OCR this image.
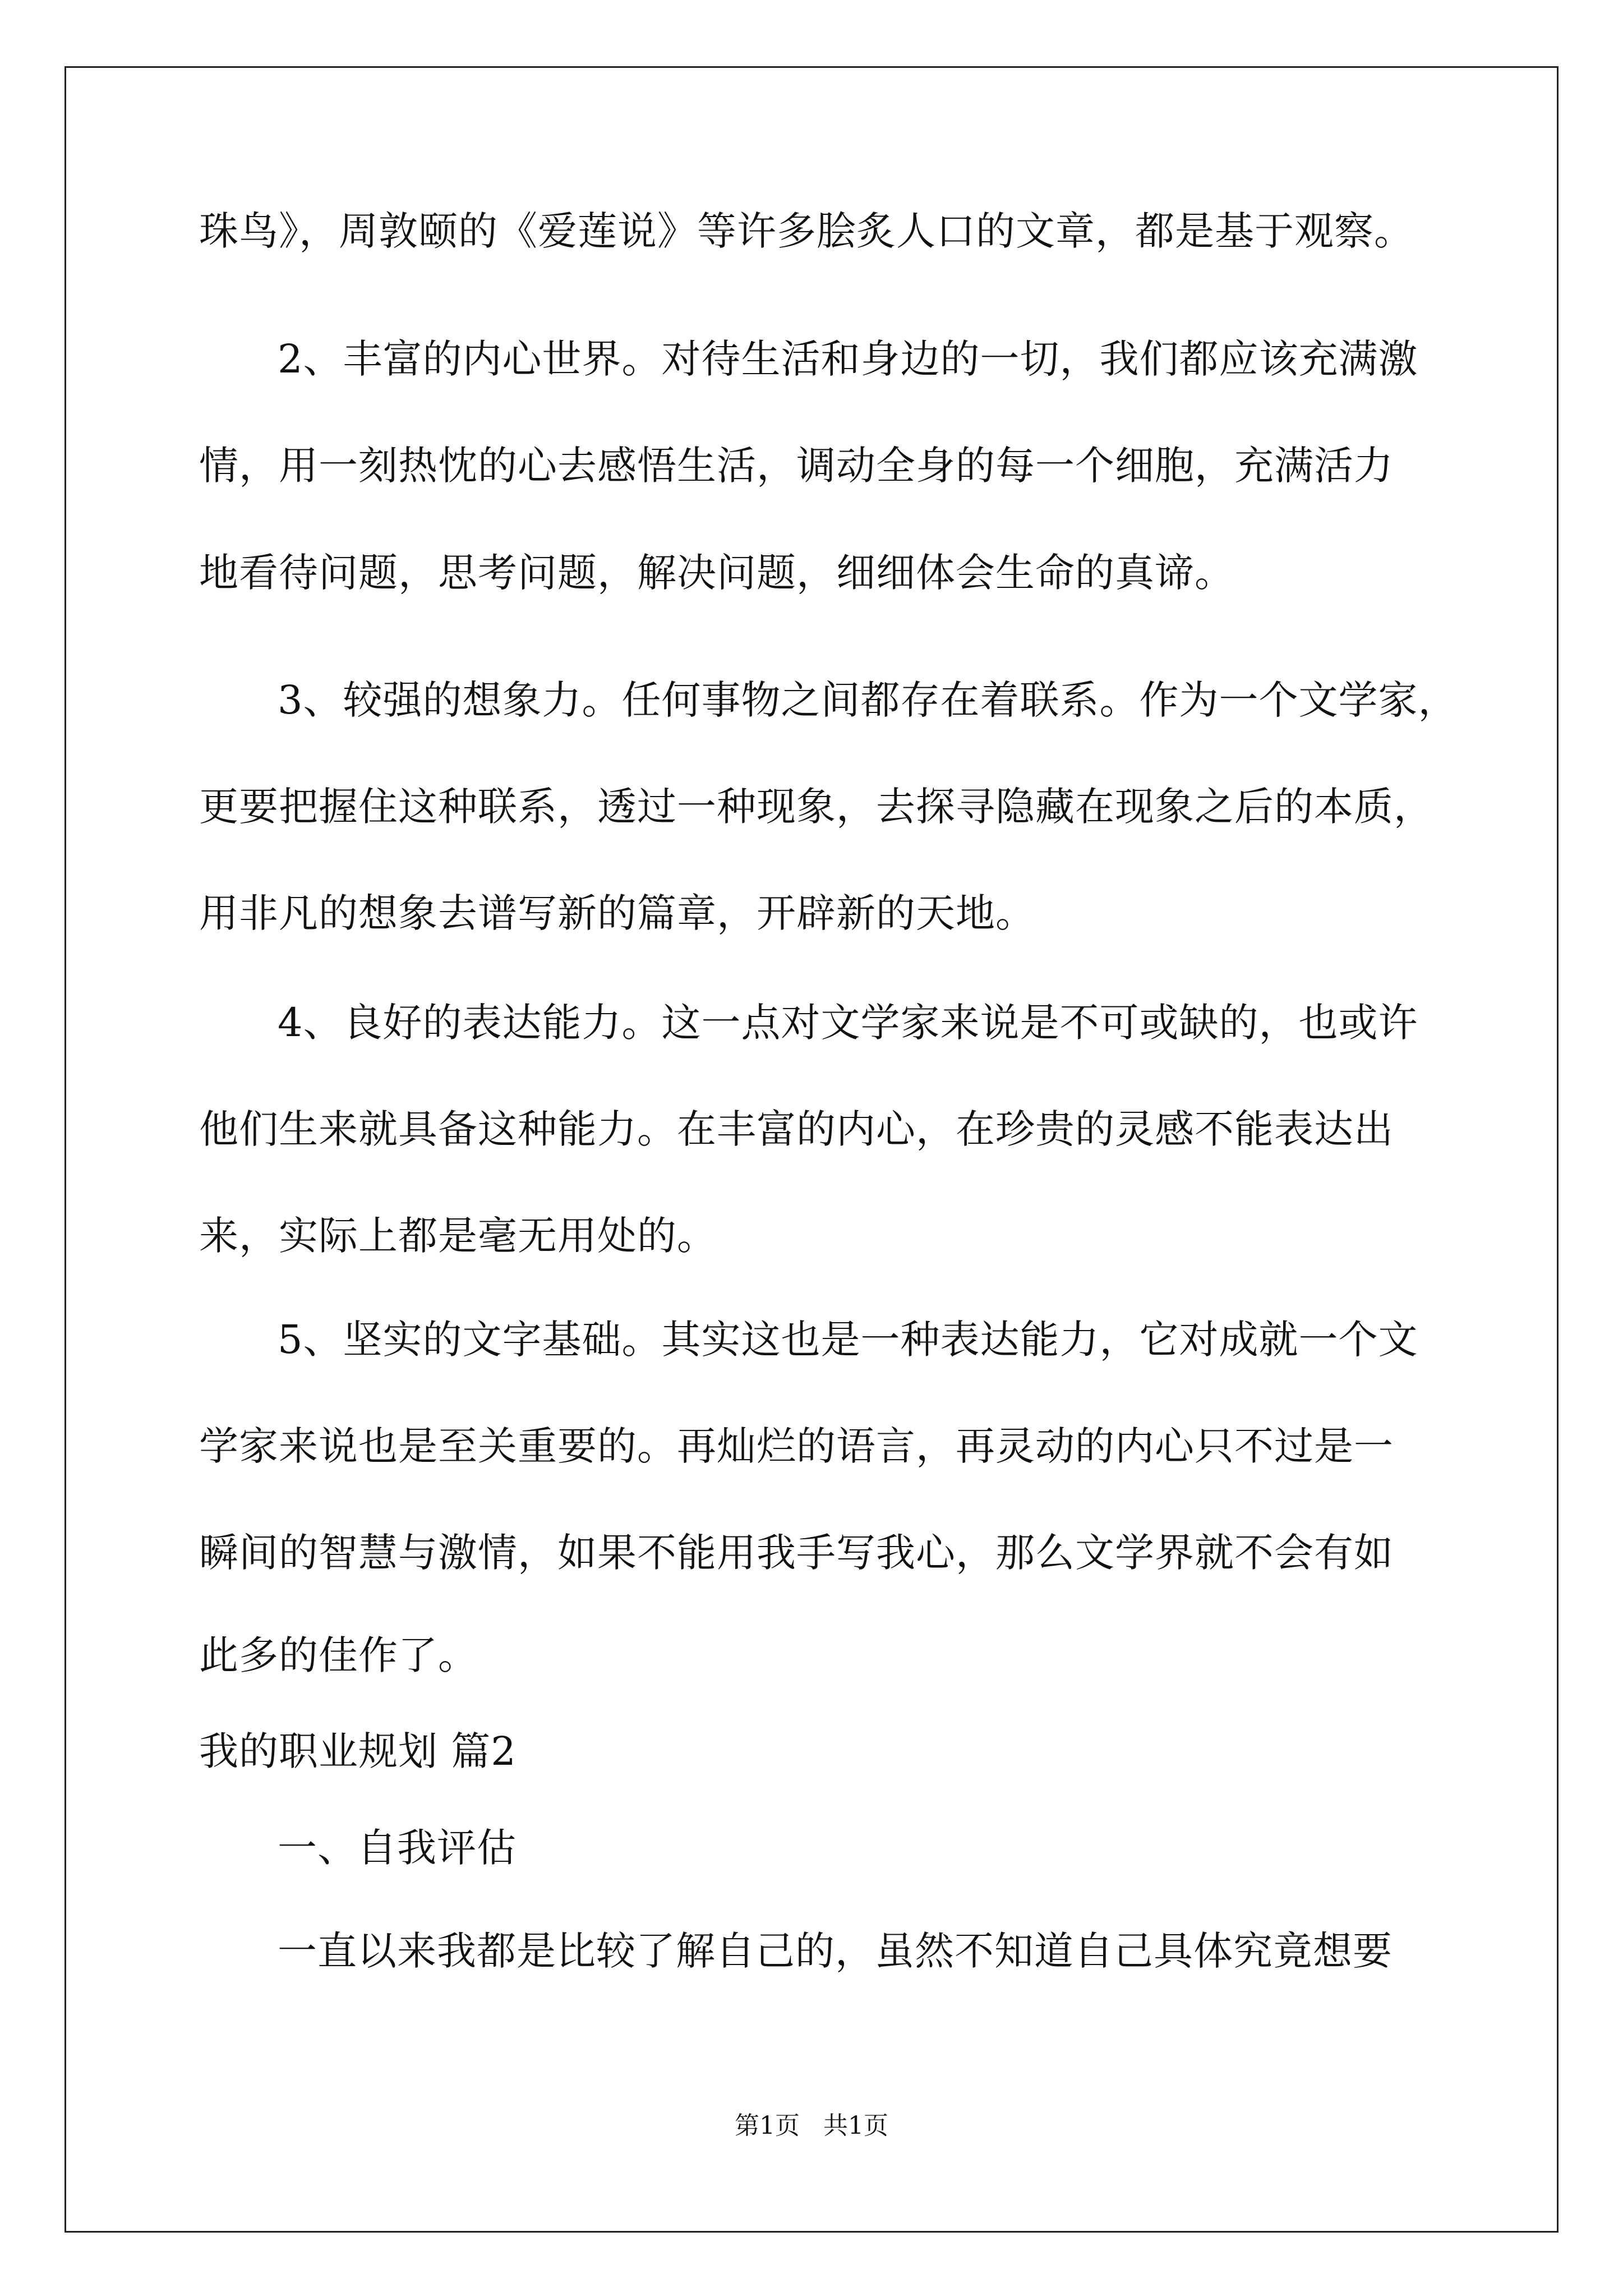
珠鸟》，周敦颐的《爱莲说》等许多脍炙人口的文章，都是基于观察。
2、丰富的内心世界。对待生活和身边的一切，我们都应该充满激
情，用一刻热忱的心去感悟生活，调动全身的每一个细胞，充满活力
地看待问题，思考问题，解决问题，细细体会生命的真谛。
3、较强的想象力。任何事物之间都存在着联系。作为一个文学家，
更要把握住这种联系，透过一种现象，去探寻隐藏在现象之后的本质，
用非凡的想象去谱写新的篇章，开辟新的天地。
4、良好的表达能力。这一点对文学家来说是不可或缺的，也或许
他们生来就具备这种能力。在丰富的内心，在珍贵的灵感不能表达出
来，实际上都是毫无用处的。
5、坚实的文字基础。其实这也是一种表达能力，它对成就一个文
学家来说也是至关重要的。再灿烂的语言，再灵动的内心只不过是一
瞬间的智慧与激情，如果不能用我手写我心，那么文学界就不会有如
此多的佳作了。
我的职业规划 篇2
一、自我评估
一直以来我都是比较了解自己的，虽然不知道自己具体究竟想要
第1页   共1页
